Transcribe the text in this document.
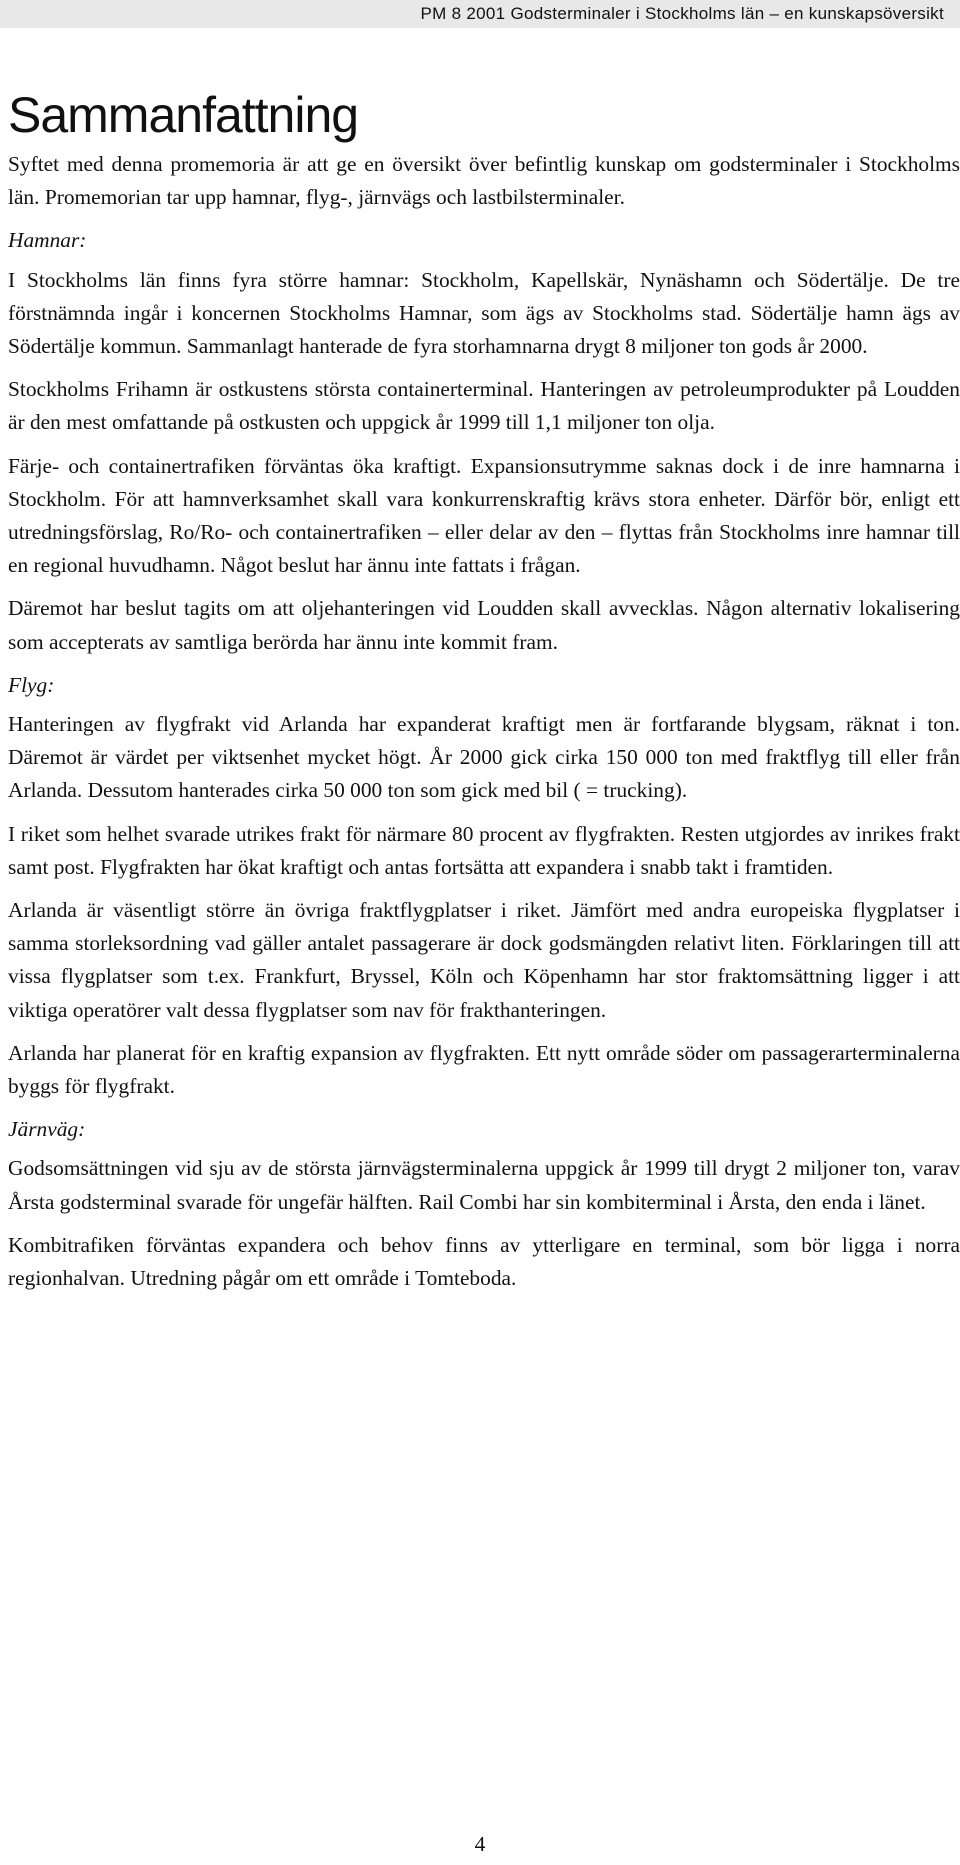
PM 8 2001 Godsterminaler i Stockholms län – en kunskapsöversikt
Sammanfattning

Syftet med denna promemoria är att ge en översikt över befintlig kunskap om godsterminaler i Stockholms län. Promemorian tar upp hamnar, flyg-, järnvägs och lastbilsterminaler.

Hamnar:

I Stockholms län finns fyra större hamnar: Stockholm, Kapellskär, Nynäshamn och Södertälje. De tre förstnämnda ingår i koncernen Stockholms Hamnar, som ägs av Stockholms stad. Södertälje hamn ägs av Södertälje kommun. Sammanlagt hanterade de fyra storhamnarna drygt 8 miljoner ton gods år 2000.

Stockholms Frihamn är ostkustens största containerterminal. Hanteringen av petroleumprodukter på Loudden är den mest omfattande på ostkusten och uppgick år 1999 till 1,1 miljoner ton olja.

Färje- och containertrafiken förväntas öka kraftigt. Expansionsutrymme saknas dock i de inre hamnarna i Stockholm. För att hamnverksamhet skall vara konkurrenskraftig krävs stora enheter. Därför bör, enligt ett utredningsförslag, Ro/Ro- och containertrafiken – eller delar av den – flyttas från Stockholms inre hamnar till en regional huvudhamn. Något beslut har ännu inte fattats i frågan.

Däremot har beslut tagits om att oljehanteringen vid Loudden skall avvecklas. Någon alternativ lokalisering som accepterats av samtliga berörda har ännu inte kommit fram.

Flyg:

Hanteringen av flygfrakt vid Arlanda har expanderat kraftigt men är fortfarande blygsam, räknat i ton. Däremot är värdet per viktsenhet mycket högt. År 2000 gick cirka 150 000 ton med fraktflyg till eller från Arlanda. Dessutom hanterades cirka 50 000 ton som gick med bil ( = trucking).

I riket som helhet svarade utrikes frakt för närmare 80 procent av flygfrakten. Resten utgjordes av inrikes frakt samt post. Flygfrakten har ökat kraftigt och antas fortsätta att expandera i snabb takt i framtiden.

Arlanda är väsentligt större än övriga fraktflygplatser i riket. Jämfört med andra europeiska flygplatser i samma storleksordning vad gäller antalet passagerare är dock godsmängden relativt liten. Förklaringen till att vissa flygplatser som t.ex. Frankfurt, Bryssel, Köln och Köpenhamn har stor fraktomsättning ligger i att viktiga operatörer valt dessa flygplatser som nav för frakthanteringen.

Arlanda har planerat för en kraftig expansion av flygfrakten. Ett nytt område söder om passagerarterminalerna byggs för flygfrakt.

Järnväg:

Godsomsättningen vid sju av de största järnvägsterminalerna uppgick år 1999 till drygt 2 miljoner ton, varav Årsta godsterminal svarade för ungefär hälften. Rail Combi har sin kombiterminal i Årsta, den enda i länet.

Kombitrafiken förväntas expandera och behov finns av ytterligare en terminal, som bör ligga i norra regionhalvan. Utredning pågår om ett område i Tomteboda.

4
